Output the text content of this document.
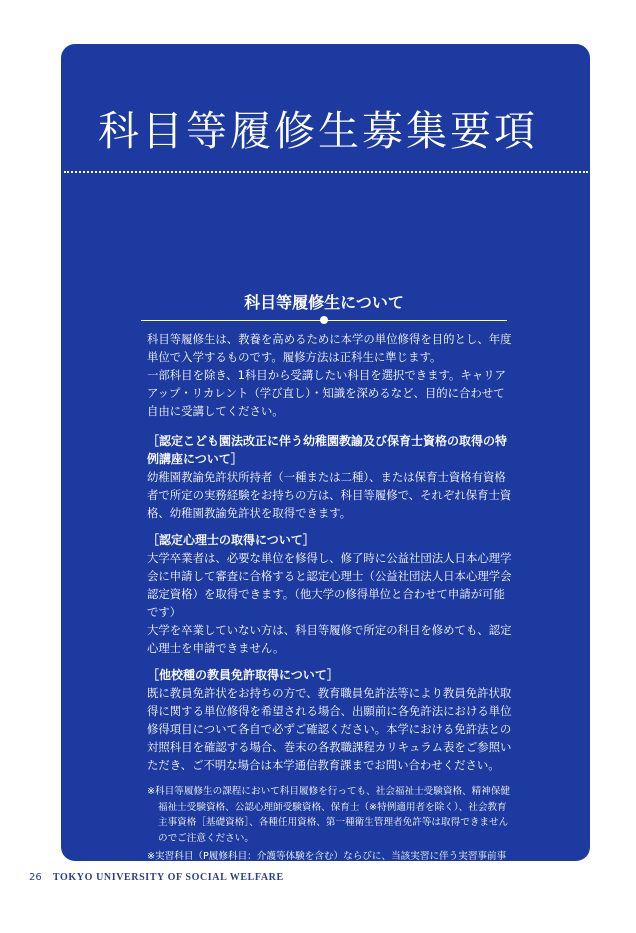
科目等履修生募集要項
科目等履修生について

科目等履修生は、教養を高めるために本学の単位修得を目的とし、年度単位で入学するものです。履修方法は正科生に準じます。

一部科目を除き、1科目から受講したい科目を選択できます。キャリアアップ・リカレント（学び直し）・知識を深めるなど、目的に合わせて自由に受講してください。

［認定こども園法改正に伴う幼稚園教諭及び保育士資格の取得の特例講座について］

幼稚園教諭免許状所持者（一種または二種）、または保育士資格有資格者で所定の実務経験をお持ちの方は、科目等履修で、それぞれ保育士資格、幼稚園教諭免許状を取得できます。

［認定心理士の取得について］

大学卒業者は、必要な単位を修得し、修了時に公益社団法人日本心理学会に申請して審査に合格すると認定心理士（公益社団法人日本心理学会認定資格）を取得できます。（他大学の修得単位と合わせて申請が可能です）

大学を卒業していない方は、科目等履修で所定の科目を修めても、認定心理士を申請できません。

［他校種の教員免許取得について］

既に教員免許状をお持ちの方で、教育職員免許法等により教員免許状取得に関する単位修得を希望される場合、出願前に各免許法における単位修得項目について各自で必ずご確認ください。本学における免許法との対照科目を確認する場合、巻末の各教職課程カリキュラム表をご参照いただき、ご不明な場合は本学通信教育課までお問い合わせください。

※科目等履修生の課程において科目履修を行っても、社会福祉士受験資格、精神保健福祉士受験資格、公認心理師受験資格、保育士（※特例適用者を除く）、社会教育主事資格［基礎資格］、各種任用資格、第一種衛生管理者免許等は取得できませんのでご注意ください。

※実習科目（P履修科目：介護等体験を含む）ならびに、当該実習に伴う実習事前事後指導及び演習（「教職実践演習」「ソーシャルワーク演習」「精神保健福祉演習」「心理演習」「保育実習」等）の科目は、科目等履修生は履修できません。

※科目等履修生は「卒業研究」「国際福祉研究」は履修できません。また、その他の科目でも本課程の運営上支障が出る場合は、履修を制限することがあります。

26 TOKYO UNIVERSITY OF SOCIAL WELFARE
